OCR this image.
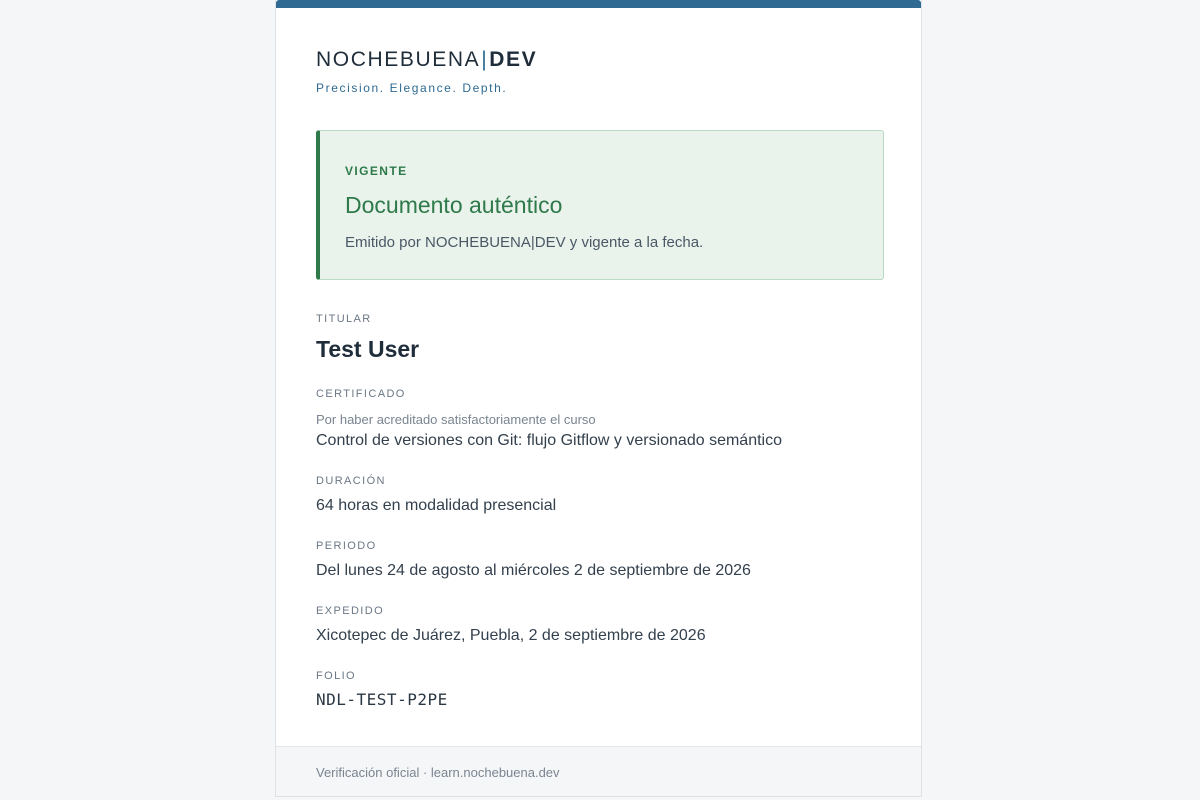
NOCHEBUENA|DEV
Precision. Elegance. Depth.
VIGENTE
Documento auténtico
Emitido por NOCHEBUENA|DEV y vigente a la fecha.
TITULAR
Test User
CERTIFICADO
Por haber acreditado satisfactoriamente el curso
Control de versiones con Git: flujo Gitflow y versionado semántico
DURACIÓN
64 horas en modalidad presencial
PERIODO
Del lunes 24 de agosto al miércoles 2 de septiembre de 2026
EXPEDIDO
Xicotepec de Juárez, Puebla, 2 de septiembre de 2026
FOLIO
NDL-TEST-P2PE
Verificación oficial · learn.nochebuena.dev
